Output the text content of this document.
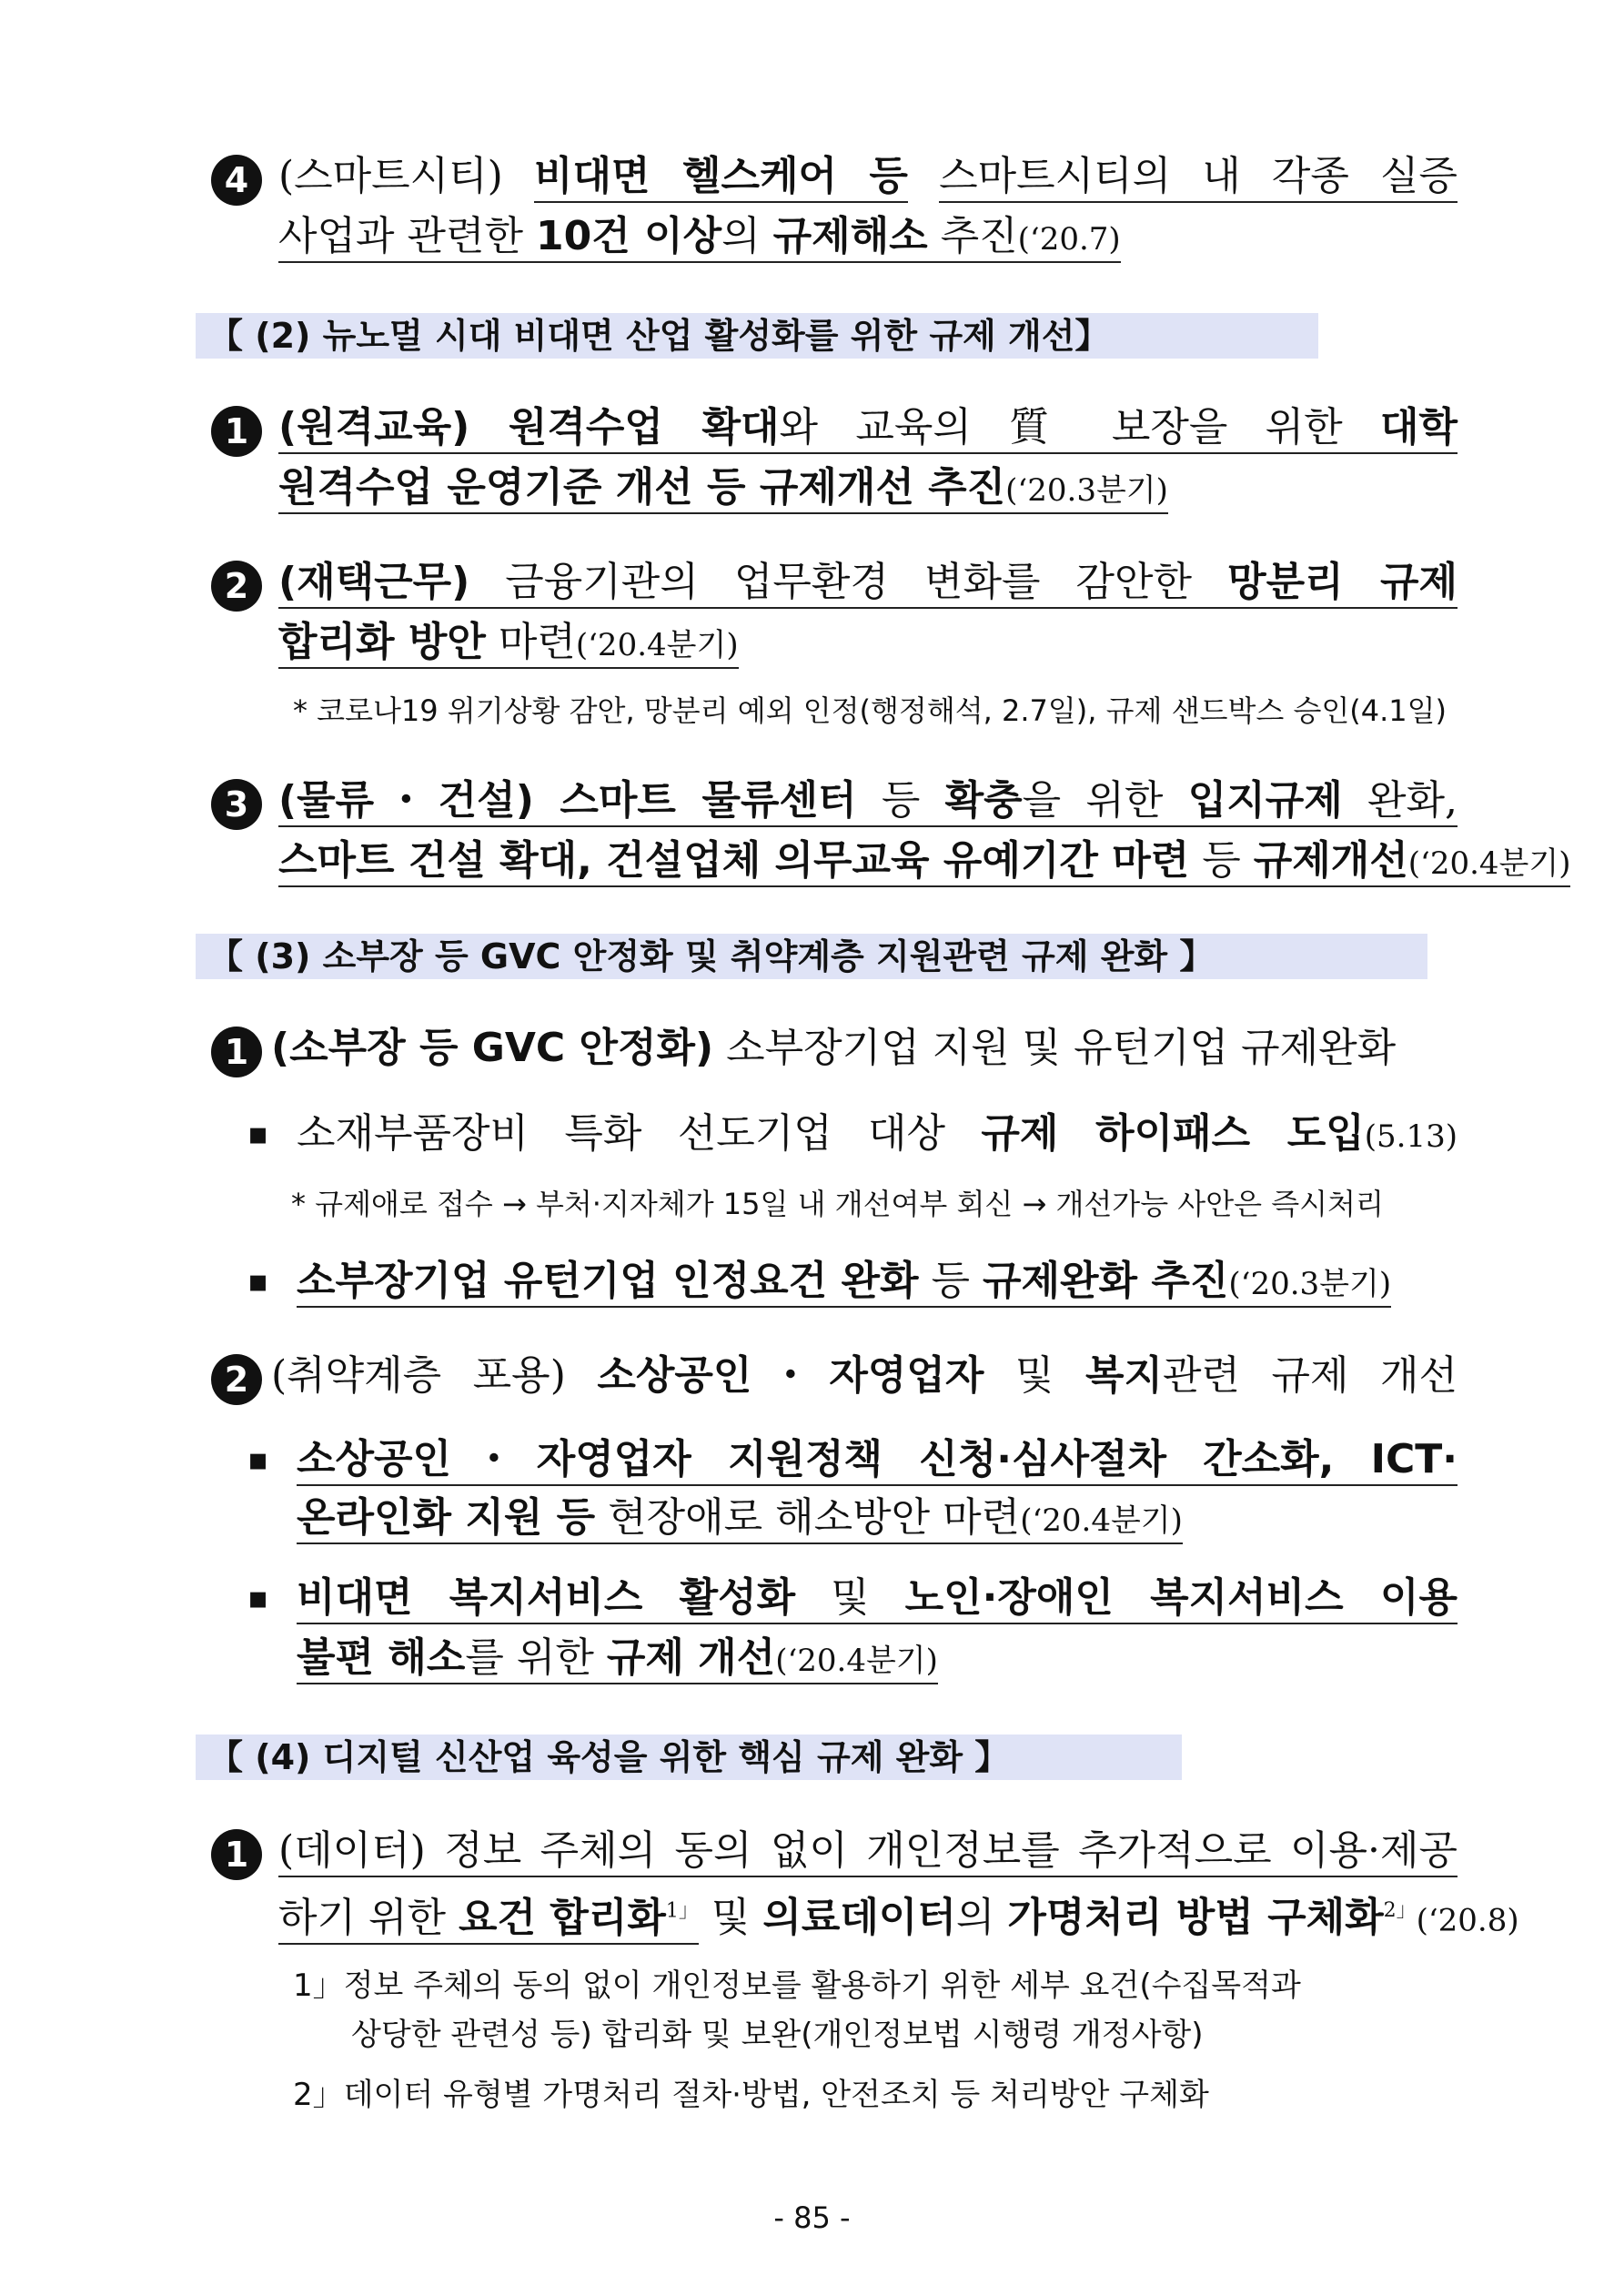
4 (스마트시티) 비대면 헬스케어 등 스마트시티의 내 각종 실증
사업과 관련한 10건 이상의 규제해소 추진(‘20.7)
【 (2) 뉴노멀 시대 비대면 산업 활성화를 위한 규제 개선】
1 (원격교육) 원격수업 확대와 교육의 質 보장을 위한 대학
원격수업 운영기준 개선 등 규제개선 추진(‘20.3분기)
2 (재택근무) 금융기관의 업무환경 변화를 감안한 망분리 규제
합리화 방안 마련(‘20.4분기)
* 코로나19 위기상황 감안, 망분리 예외 인정(행정해석, 2.7일), 규제 샌드박스 승인(4.1일)
3 (물류・건설) 스마트 물류센터 등 확충을 위한 입지규제 완화,
스마트 건설 확대, 건설업체 의무교육 유예기간 마련 등 규제개선(‘20.4분기)
【 (3) 소부장 등 GVC 안정화 및 취약계층 지원관련 규제 완화 】
1 (소부장 등 GVC 안정화) 소부장기업 지원 및 유턴기업 규제완화
▪ 소재부품장비 특화 선도기업 대상 규제 하이패스 도입(5.13)
* 규제애로 접수 → 부처‧지자체가 15일 내 개선여부 회신 → 개선가능 사안은 즉시처리
▪ 소부장기업 유턴기업 인정요건 완화 등 규제완화 추진(‘20.3분기)
2 (취약계층 포용) 소상공인・자영업자 및 복지관련 규제 개선
▪ 소상공인・자영업자 지원정책 신청·심사절차 간소화, ICT·
온라인화 지원 등 현장애로 해소방안 마련(‘20.4분기)
▪ 비대면 복지서비스 활성화 및 노인·장애인 복지서비스 이용
불편 해소를 위한 규제 개선(‘20.4분기)
【 (4) 디지털 신산업 육성을 위한 핵심 규제 완화 】
1 (데이터) 정보 주체의 동의 없이 개인정보를 추가적으로 이용·제공
하기 위한 요건 합리화$^{1」}$ 및 의료데이터의 가명처리 방법 구체화$^{2」}$(‘20.8)
1」정보 주체의 동의 없이 개인정보를 활용하기 위한 세부 요건(수집목적과
상당한 관련성 등) 합리화 및 보완(개인정보법 시행령 개정사항)
2」데이터 유형별 가명처리 절차·방법, 안전조치 등 처리방안 구체화
- 85 -
